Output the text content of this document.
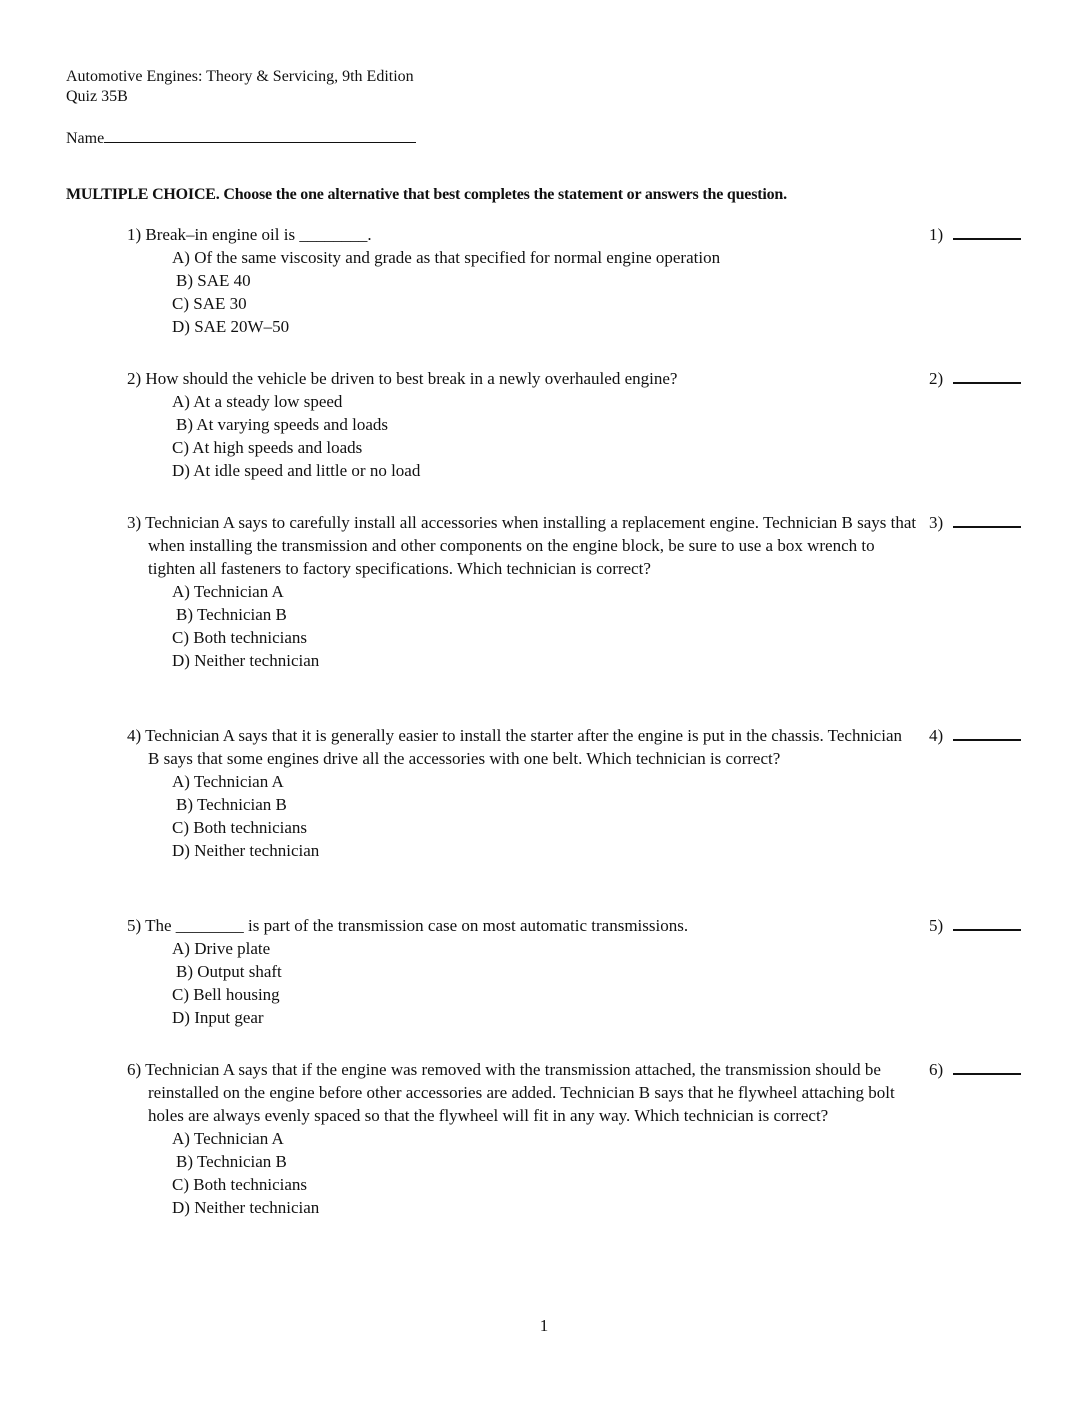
Automotive Engines: Theory & Servicing, 9th Edition
Quiz 35B
Name
MULTIPLE CHOICE. Choose the one alternative that best completes the statement or answers the question.
1) Break–in engine oil is ________.
A) Of the same viscosity and grade as that specified for normal engine operation
B) SAE 40
C) SAE 30
D) SAE 20W–50
1)
2) How should the vehicle be driven to best break in a newly overhauled engine?
A) At a steady low speed
B) At varying speeds and loads
C) At high speeds and loads
D) At idle speed and little or no load
2)
3) Technician A says to carefully install all accessories when installing a replacement engine. Technician B says that when installing the transmission and other components on the engine block, be sure to use a box wrench to tighten all fasteners to factory specifications. Which technician is correct?
A) Technician A
B) Technician B
C) Both technicians
D) Neither technician
3)
4) Technician A says that it is generally easier to install the starter after the engine is put in the chassis. Technician B says that some engines drive all the accessories with one belt. Which technician is correct?
A) Technician A
B) Technician B
C) Both technicians
D) Neither technician
4)
5) The ________ is part of the transmission case on most automatic transmissions.
A) Drive plate
B) Output shaft
C) Bell housing
D) Input gear
5)
6) Technician A says that if the engine was removed with the transmission attached, the transmission should be reinstalled on the engine before other accessories are added. Technician B says that he flywheel attaching bolt holes are always evenly spaced so that the flywheel will fit in any way. Which technician is correct?
A) Technician A
B) Technician B
C) Both technicians
D) Neither technician
6)
1
